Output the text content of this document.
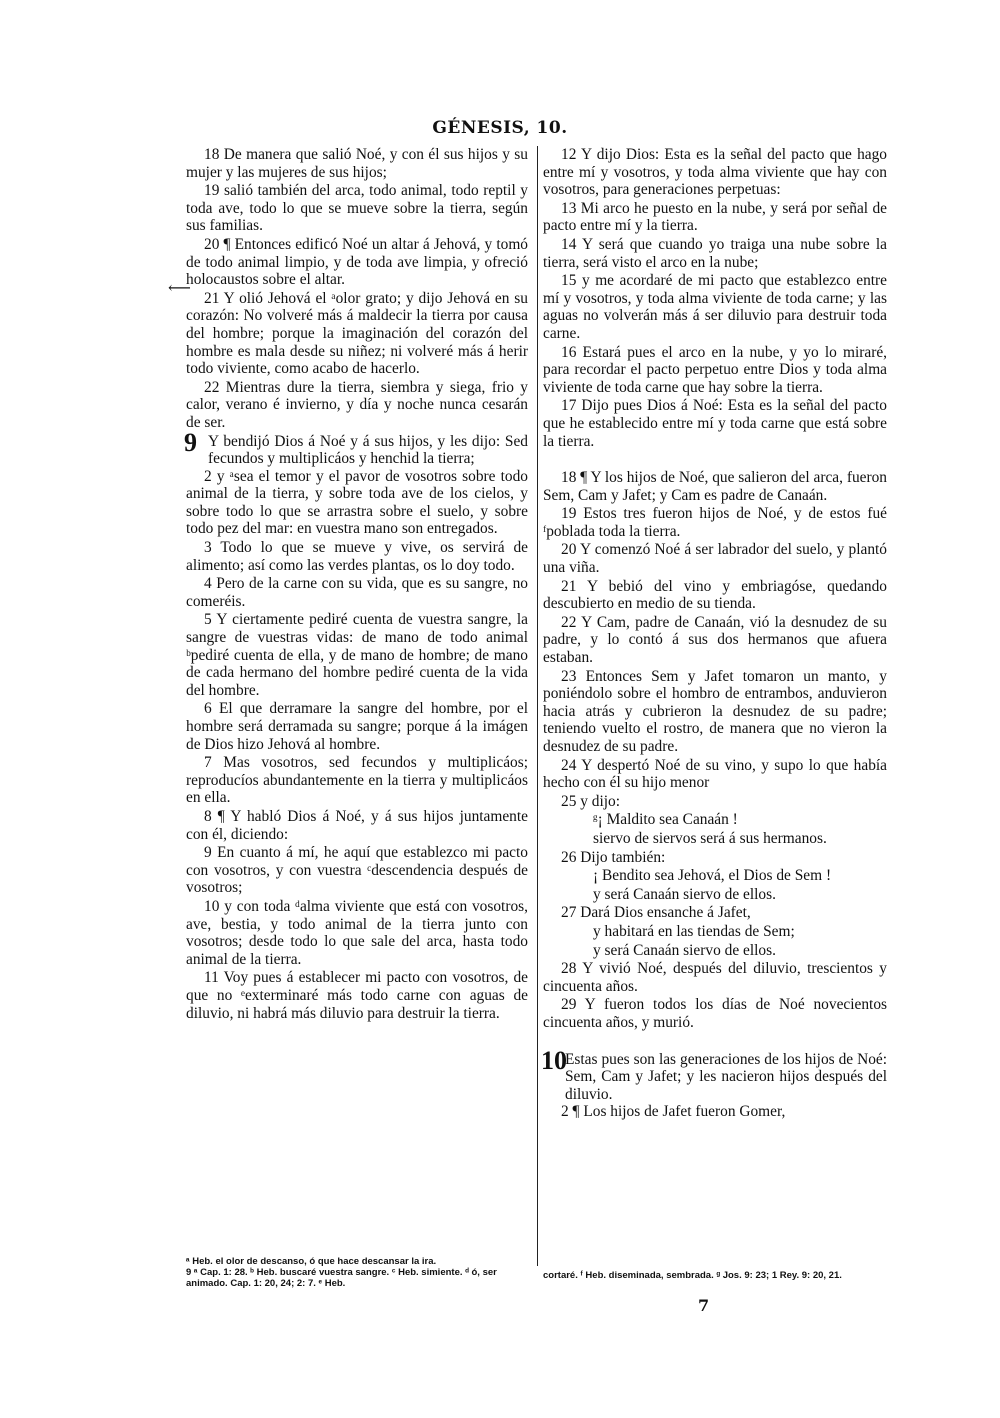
GÉNESIS, 10.
⟵

18 De manera que salió Noé, y con él sus hijos y su mujer y las mujeres de sus hijos;

19 salió también del arca, todo animal, todo reptil y toda ave, todo lo que se mueve sobre la tierra, según sus familias.

20 ¶ Entonces edificó Noé un altar á Jehová, y tomó de todo animal limpio, y de toda ave limpia, y ofreció holocaustos sobre el altar.

21 Y olió Jehová el ᵃolor grato; y dijo Jehová en su corazón: No volveré más á maldecir la tierra por causa del hombre; porque la imaginación del corazón del hombre es mala desde su niñez; ni volveré más á herir todo viviente, como acabo de hacerlo.

22 Mientras dure la tierra, siembra y siega, frio y calor, verano é invierno, y día y noche nunca cesarán de ser.

9 Y bendijó Dios á Noé y á sus hijos, y les dijo: Sed fecundos y multiplicáos y henchid la tierra;

2 y ᵃsea el temor y el pavor de vosotros sobre todo animal de la tierra, y sobre toda ave de los cielos, y sobre todo lo que se arrastra sobre el suelo, y sobre todo pez del mar: en vuestra mano son entregados.

3 Todo lo que se mueve y vive, os servirá de alimento; así como las verdes plantas, os lo doy todo.

4 Pero de la carne con su vida, que es su sangre, no comeréis.

5 Y ciertamente pediré cuenta de vuestra sangre, la sangre de vuestras vidas: de mano de todo animal ᵇpediré cuenta de ella, y de mano de hombre; de mano de cada hermano del hombre pediré cuenta de la vida del hombre.

6 El que derramare la sangre del hombre, por el hombre será derramada su sangre; porque á la imágen de Dios hizo Jehová al hombre.

7 Mas vosotros, sed fecundos y multiplicáos; reproducíos abundantemente en la tierra y multiplicáos en ella.

8 ¶ Y habló Dios á Noé, y á sus hijos juntamente con él, diciendo:

9 En cuanto á mí, he aquí que establezco mi pacto con vosotros, y con vuestra ᶜdescendencia después de vosotros;

10 y con toda ᵈalma viviente que está con vosotros, ave, bestia, y todo animal de la tierra junto con vosotros; desde todo lo que sale del arca, hasta todo animal de la tierra.

11 Voy pues á establecer mi pacto con vosotros, de que no ᵉexterminaré más todo carne con aguas de diluvio, ni habrá más diluvio para destruir la tierra.

12 Y dijo Dios: Esta es la señal del pacto que hago entre mí y vosotros, y toda alma viviente que hay con vosotros, para generaciones perpetuas:

13 Mi arco he puesto en la nube, y será por señal de pacto entre mí y la tierra.

14 Y será que cuando yo traiga una nube sobre la tierra, será visto el arco en la nube;

15 y me acordaré de mi pacto que establezco entre mí y vosotros, y toda alma viviente de toda carne; y las aguas no volverán más á ser diluvio para destruir toda carne.

16 Estará pues el arco en la nube, y yo lo miraré, para recordar el pacto perpetuo entre Dios y toda alma viviente de toda carne que hay sobre la tierra.

17 Dijo pues Dios á Noé: Esta es la señal del pacto que he establecido entre mí y toda carne que está sobre la tierra.

18 ¶ Y los hijos de Noé, que salieron del arca, fueron Sem, Cam y Jafet; y Cam es padre de Canaán.

19 Estos tres fueron hijos de Noé, y de estos fué ᶠpoblada toda la tierra.

20 Y comenzó Noé á ser labrador del suelo, y plantó una viña.

21 Y bebió del vino y embriagóse, quedando descubierto en medio de su tienda.

22 Y Cam, padre de Canaán, vió la desnudez de su padre, y lo contó á sus dos hermanos que afuera estaban.

23 Entonces Sem y Jafet tomaron un manto, y poniéndolo sobre el hombro de entrambos, anduvieron hacia atrás y cubrieron la desnudez de su padre; teniendo vuelto el rostro, de manera que no vieron la desnudez de su padre.

24 Y despertó Noé de su vino, y supo lo que había hecho con él su hijo menor

25 y dijo:

ᵍ¡ Maldito sea Canaán !

siervo de siervos será á sus hermanos.

26 Dijo también:

¡ Bendito sea Jehová, el Dios de Sem !

y será Canaán siervo de ellos.

27 Dará Dios ensanche á Jafet,

y habitará en las tiendas de Sem;

y será Canaán siervo de ellos.

28 Y vivió Noé, después del diluvio, trescientos y cincuenta años.

29 Y fueron todos los días de Noé novecientos cincuenta años, y murió.

10
Estas pues son las generaciones de los hijos de Noé: Sem, Cam y Jafet; y les nacieron hijos después del diluvio.

2 ¶ Los hijos de Jafet fueron Gomer,

ᵃ Heb. el olor de descanso, ó que hace descansar la ira.
9 ᵃ Cap. 1: 28. ᵇ Heb. buscaré vuestra sangre. ᶜ Heb. simiente. ᵈ ó, ser animado. Cap. 1: 20, 24; 2: 7. ᵉ Heb.
cortaré. ᶠ Heb. diseminada, sembrada. ᵍ Jos. 9: 23; 1 Rey. 9: 20, 21.
7
